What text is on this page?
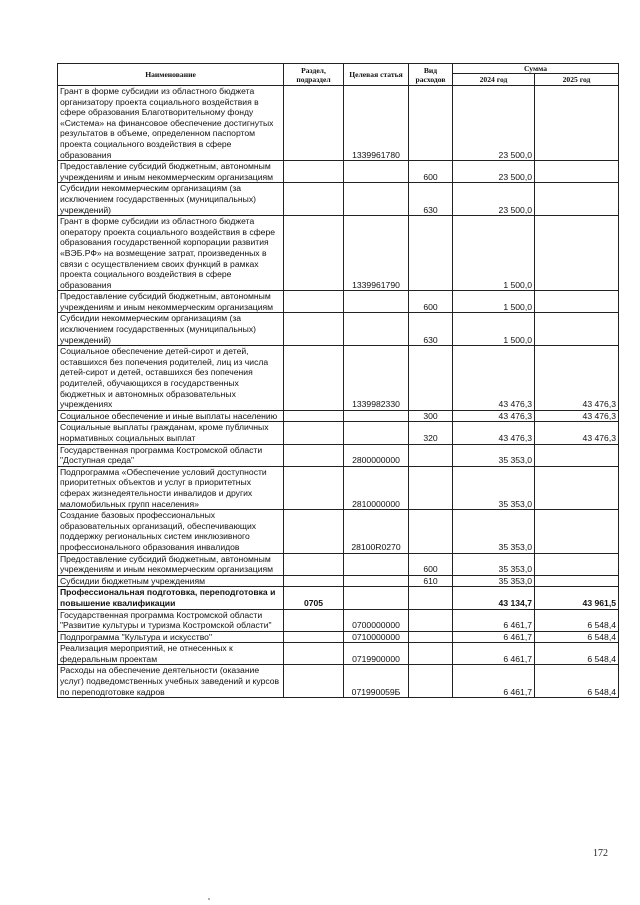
Наименование	Раздел, подраздел	Целевая статья	Вид расходов	Сумма	
				2024 год	2025 год
Грант в форме субсидии из областного бюджета организатору проекта социального воздействия в сфере образования Благотворительному фонду «Система» на финансовое обеспечение достигнутых результатов в объеме, определенном паспортом проекта социального воздействия в сфере образования		1339961780		23 500,0	
Предоставление субсидий бюджетным, автономным учреждениям и иным некоммерческим организациям			600	23 500,0	
Субсидии некоммерческим организациям (за исключением государственных (муниципальных) учреждений)			630	23 500,0	
Грант в форме субсидии из областного бюджета оператору проекта социального воздействия в сфере образования государственной корпорации развития «ВЭБ.РФ» на возмещение затрат, произведенных в связи с осуществлением своих функций в рамках проекта социального воздействия в сфере образования		1339961790		1 500,0	
Предоставление субсидий бюджетным, автономным учреждениям и иным некоммерческим организациям			600	1 500,0	
Субсидии некоммерческим организациям (за исключением государственных (муниципальных) учреждений)			630	1 500,0	
Социальное обеспечение детей-сирот и детей, оставшихся без попечения родителей, лиц из числа детей-сирот и детей, оставшихся без попечения родителей, обучающихся в государственных бюджетных и автономных образовательных учреждениях		1339982330		43 476,3	43 476,3
Социальное обеспечение и иные выплаты населению			300	43 476,3	43 476,3
Социальные выплаты гражданам, кроме публичных нормативных социальных выплат			320	43 476,3	43 476,3
Государственная программа Костромской области "Доступная среда"		2800000000		35 353,0	
Подпрограмма «Обеспечение условий доступности приоритетных объектов и услуг в приоритетных сферах жизнедеятельности инвалидов и других маломобильных групп населения»		2810000000		35 353,0	
Создание базовых профессиональных образовательных организаций, обеспечивающих поддержку региональных систем инклюзивного профессионального образования инвалидов		28100R0270		35 353,0	
Предоставление субсидий бюджетным, автономным учреждениям и иным некоммерческим организациям			600	35 353,0	
Субсидии бюджетным учреждениям			610	35 353,0	
Профессиональная подготовка, переподготовка и повышение квалификации	0705			43 134,7	43 961,5
Государственная программа Костромской области "Развитие культуры и туризма Костромской области"		0700000000		6 461,7	6 548,4
Подпрограмма "Культура и искусство"		0710000000		6 461,7	6 548,4
Реализация мероприятий, не отнесенных к федеральным проектам		0719900000		6 461,7	6 548,4
Расходы на обеспечение деятельности (оказание услуг) подведомственных учебных заведений и курсов по переподготовке кадров		071990059Б		6 461,7	6 548,4
172
